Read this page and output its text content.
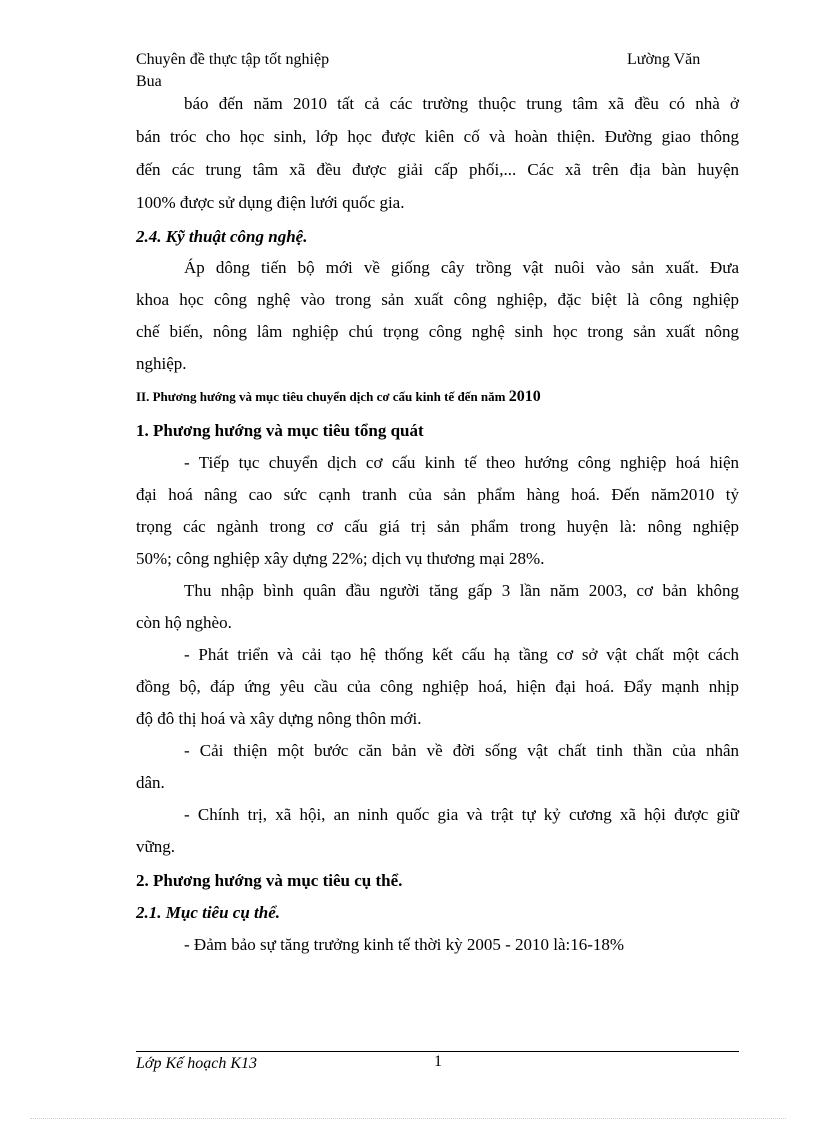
Chuyên đề thực tập tốt nghiệp	Lường Văn
Bua
báo đến năm 2010 tất cả các trường thuộc trung tâm xã đều có nhà ở
bán tróc cho học sinh, lớp học được kiên cố và hoàn thiện. Đường giao thông
đến các trung tâm xã đều được giải cấp phối,... Các xã trên địa bàn huyện
100% được sử dụng điện lưới quốc gia.
2.4. Kỹ thuật công nghệ.
Áp dông tiến bộ mới về giống cây trồng vật nuôi vào sản xuất. Đưa
khoa học công nghệ vào trong sản xuất công nghiệp, đặc biệt là công nghiệp
chế biến, nông lâm nghiệp chú trọng công nghệ sinh học trong sản xuất nông
nghiệp.
II. Phương hướng và mục tiêu chuyển dịch cơ cấu kinh tế đến năm 2010
1. Phương hướng và mục tiêu tổng quát
- Tiếp tục chuyển dịch cơ cấu kinh tế theo hướng công nghiệp hoá hiện
đại hoá nâng cao sức cạnh tranh của sản phẩm hàng hoá. Đến năm2010 tỷ
trọng các ngành trong cơ cấu giá trị sản phẩm trong huyện là: nông nghiệp
50%; công nghiệp xây dựng 22%; dịch vụ thương mại 28%.
Thu nhập bình quân đầu người tăng gấp 3 lần năm 2003, cơ bản không
còn hộ nghèo.
- Phát triển và cải tạo hệ thống kết cấu hạ tầng cơ sở vật chất một cách
đồng bộ, đáp ứng yêu cầu của công nghiệp hoá, hiện đại hoá. Đẩy mạnh nhịp
độ đô thị hoá và xây dựng nông thôn mới.
- Cải thiện một bước căn bản về đời sống vật chất tinh thần của nhân
dân.
- Chính trị, xã hội, an ninh quốc gia và trật tự kỷ cương xã hội được giữ
vững.
2. Phương hướng và mục tiêu cụ thể.
2.1. Mục tiêu cụ thể.
- Đảm bảo sự tăng trưởng kinh tế thời kỳ 2005 - 2010 là:16-18%
Lớp Kế hoạch K13	1
